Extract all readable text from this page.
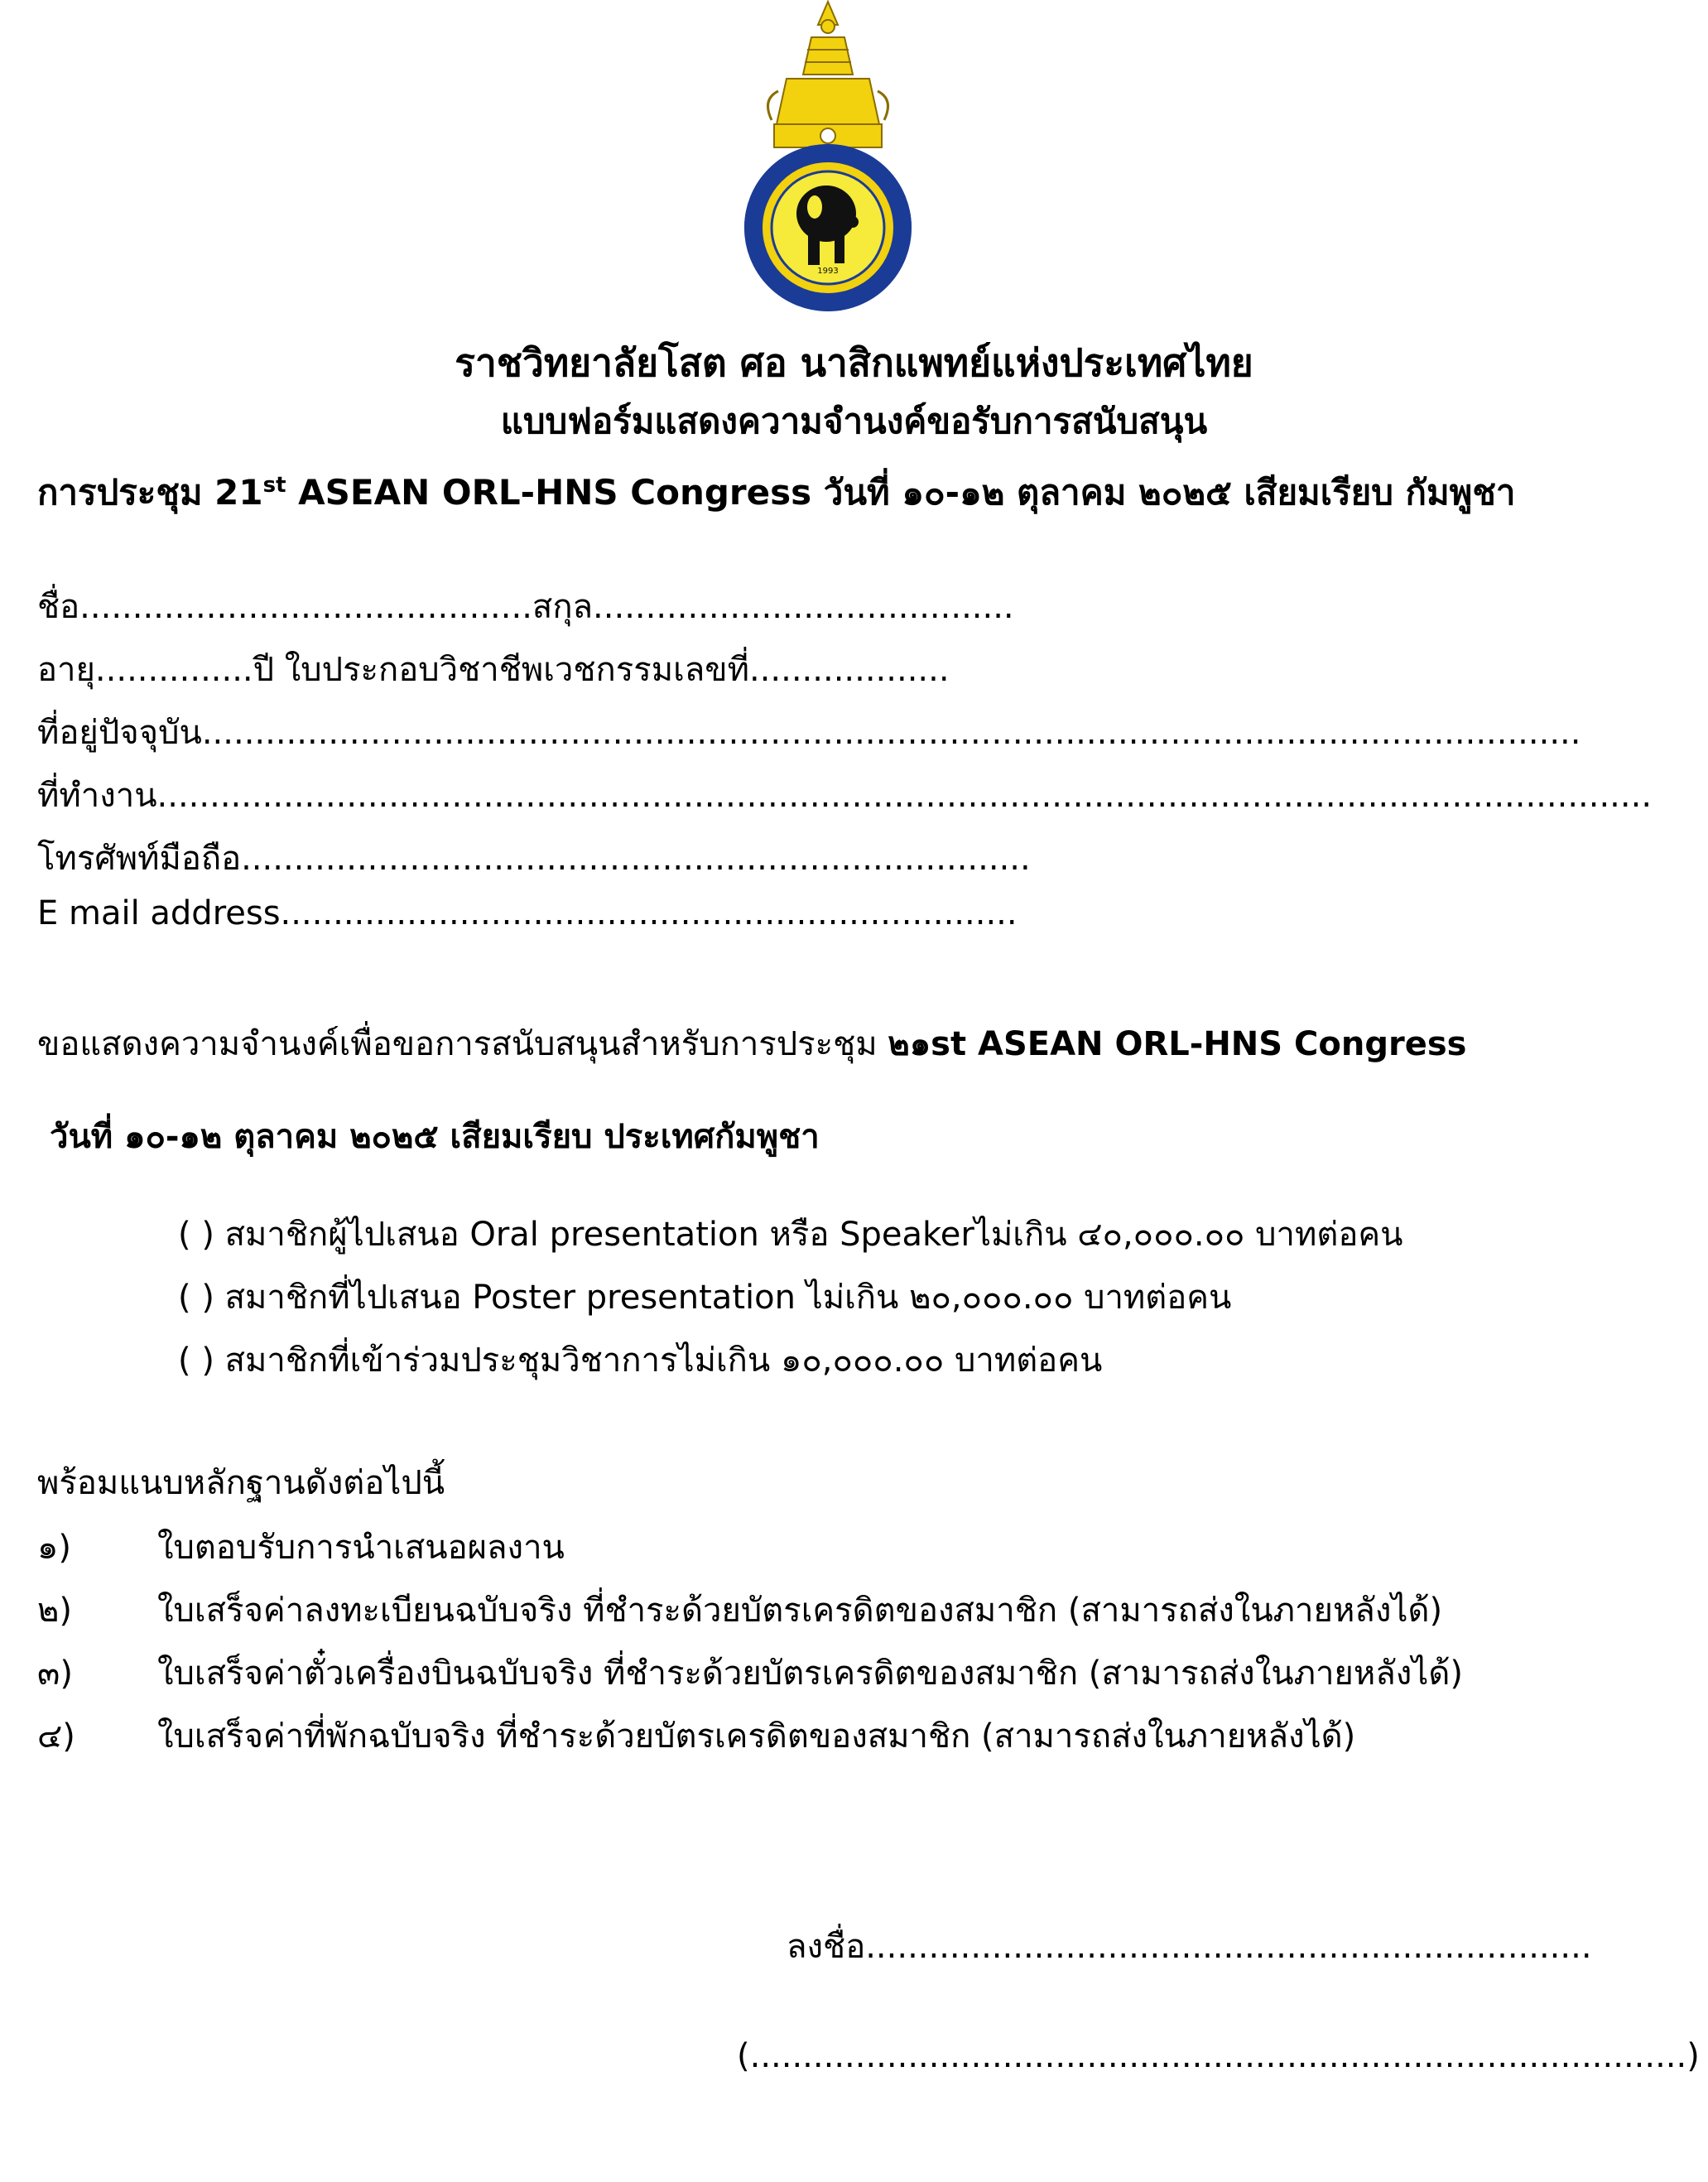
1993
ราชวิทยาลัยโสต ศอ นาสิกแพทย์แห่งประเทศไทย
แบบฟอร์มแสดงความจำนงค์ขอรับการสนับสนุน
การประชุม 21st ASEAN ORL-HNS Congress วันที่ ๑๐-๑๒ ตุลาคม ๒๐๒๕ เสียมเรียบ กัมพูชา
ชื่อ...........................................สกุล........................................
อายุ...............ปี ใบประกอบวิชาชีพเวชกรรมเลขที่...................
ที่อยู่ปัจจุบัน...................................................................................................................................
ที่ทำงาน..............................................................................................................................................
โทรศัพท์มือถือ...........................................................................
E mail address......................................................................
ขอแสดงความจำนงค์เพื่อขอการสนับสนุนสำหรับการประชุม ๒๑st ASEAN ORL-HNS Congress
วันที่ ๑๐-๑๒ ตุลาคม ๒๐๒๕ เสียมเรียบ ประเทศกัมพูชา
( ) สมาชิกผู้ไปเสนอ Oral presentation หรือ Speakerไม่เกิน ๔๐,๐๐๐.๐๐ บาทต่อคน
( ) สมาชิกที่ไปเสนอ Poster presentation ไม่เกิน ๒๐,๐๐๐.๐๐ บาทต่อคน
( ) สมาชิกที่เข้าร่วมประชุมวิชาการไม่เกิน ๑๐,๐๐๐.๐๐ บาทต่อคน
พร้อมแนบหลักฐานดังต่อไปนี้
๑)	ใบตอบรับการนำเสนอผลงาน
๒)	ใบเสร็จค่าลงทะเบียนฉบับจริง ที่ชำระด้วยบัตรเครดิตของสมาชิก (สามารถส่งในภายหลังได้)
๓)	ใบเสร็จค่าตั๋วเครื่องบินฉบับจริง ที่ชำระด้วยบัตรเครดิตของสมาชิก (สามารถส่งในภายหลังได้)
๔) ใบเสร็จค่าที่พักฉบับจริง ที่ชำระด้วยบัตรเครดิตของสมาชิก (สามารถส่งในภายหลังได้)
ลงชื่อ.....................................................................
(.........................................................................................)
